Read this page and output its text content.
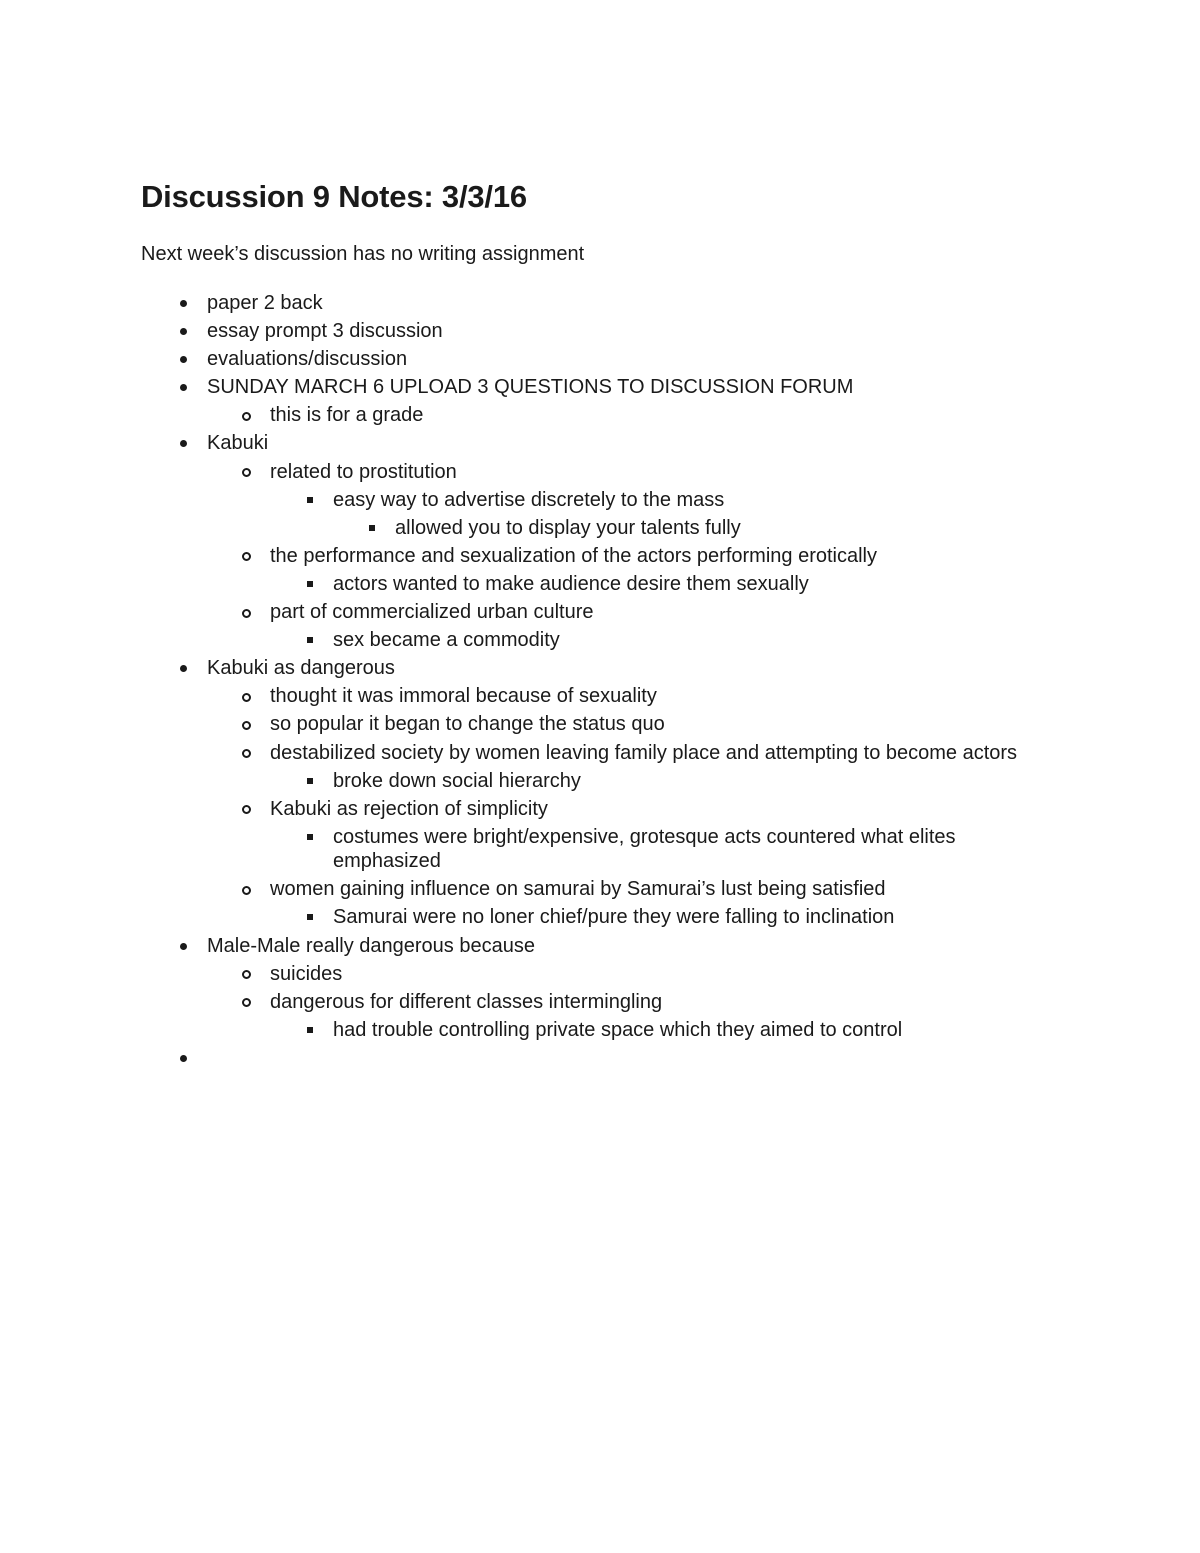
Discussion 9 Notes: 3/3/16

Next week’s discussion has no writing assignment

paper 2 back
essay prompt 3 discussion
evaluations/discussion
SUNDAY MARCH 6 UPLOAD 3 QUESTIONS TO DISCUSSION FORUM
this is for a grade
Kabuki
related to prostitution
easy way to advertise discretely to the mass
allowed you to display your talents fully
the performance and sexualization of the actors performing erotically
actors wanted to make audience desire them sexually
part of commercialized urban culture
sex became a commodity
Kabuki as dangerous
thought it was immoral because of sexuality
so popular it began to change the status quo
destabilized society by women leaving family place and attempting to become actors
broke down social hierarchy
Kabuki as rejection of simplicity
costumes were bright/expensive, grotesque acts countered what elites emphasized
women gaining influence on samurai by Samurai’s lust being satisfied
Samurai were no loner chief/pure they were falling to inclination
Male-Male really dangerous because
suicides
dangerous for different classes intermingling
had trouble controlling private space which they aimed to control
